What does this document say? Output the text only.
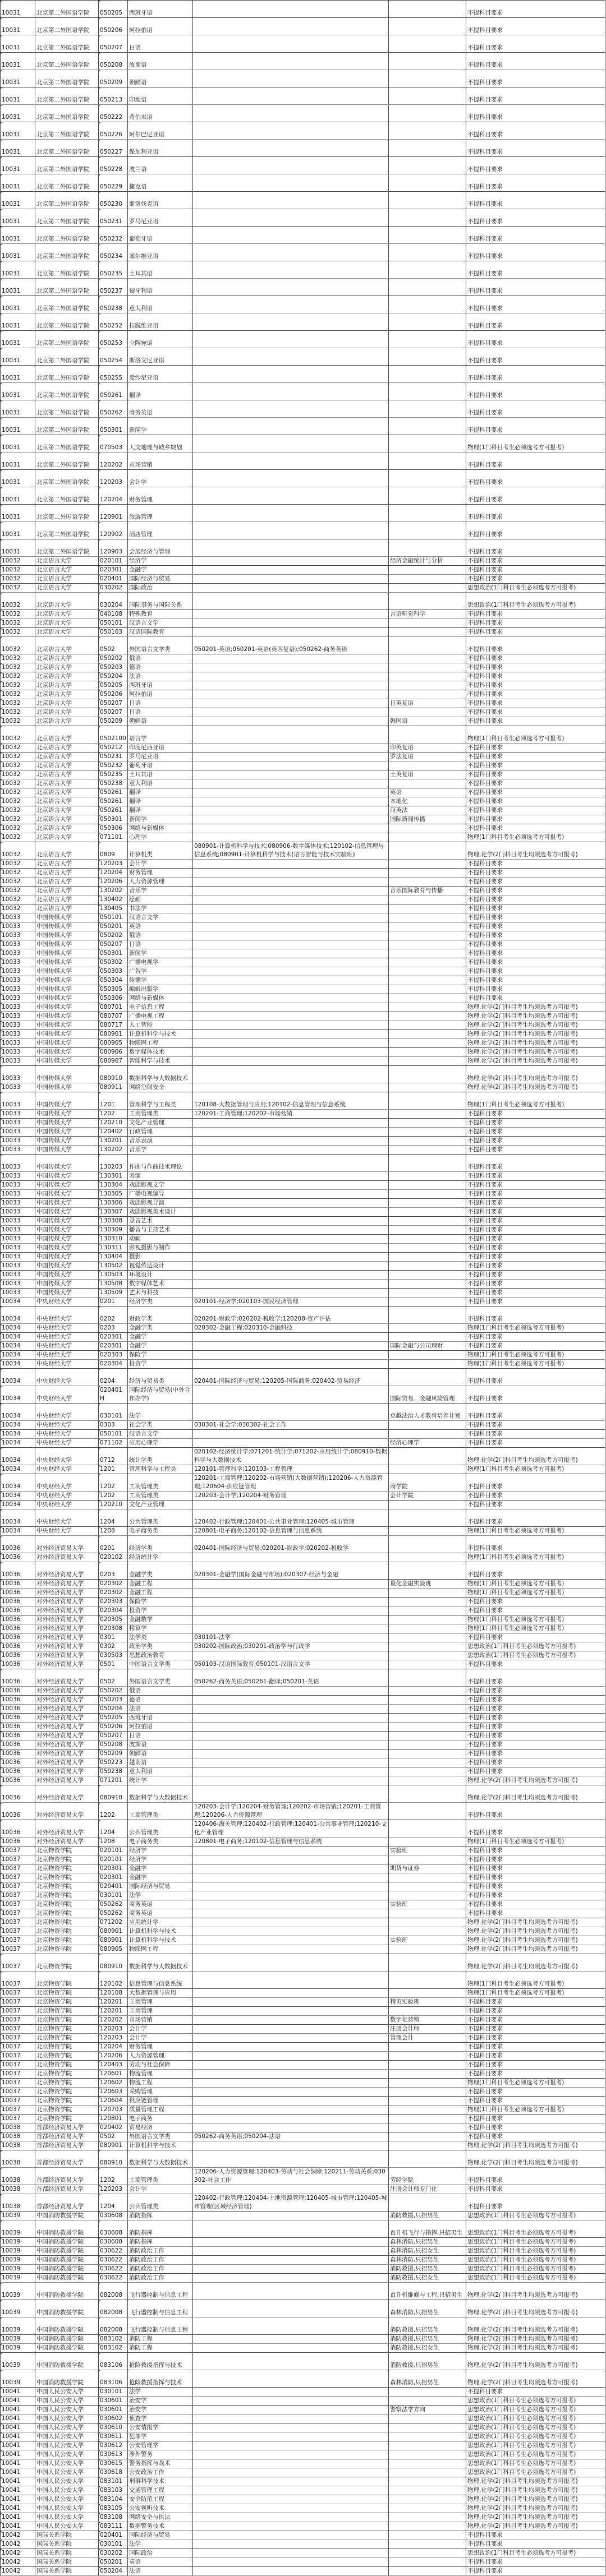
10031	北京第二外国语学院	050205	西班牙语			不提科目要求
10031	北京第二外国语学院	050206	阿拉伯语			不提科目要求
10031	北京第二外国语学院	050207	日语			不提科目要求
10031	北京第二外国语学院	050208	波斯语			不提科目要求
10031	北京第二外国语学院	050209	朝鲜语			不提科目要求
10031	北京第二外国语学院	050213	印地语			不提科目要求
10031	北京第二外国语学院	050222	希伯来语			不提科目要求
10031	北京第二外国语学院	050226	阿尔巴尼亚语			不提科目要求
10031	北京第二外国语学院	050227	保加利亚语			不提科目要求
10031	北京第二外国语学院	050228	波兰语			不提科目要求
10031	北京第二外国语学院	050229	捷克语			不提科目要求
10031	北京第二外国语学院	050230	斯洛伐克语			不提科目要求
10031	北京第二外国语学院	050231	罗马尼亚语			不提科目要求
10031	北京第二外国语学院	050232	葡萄牙语			不提科目要求
10031	北京第二外国语学院	050234	塞尔维亚语			不提科目要求
10031	北京第二外国语学院	050235	土耳其语			不提科目要求
10031	北京第二外国语学院	050237	匈牙利语			不提科目要求
10031	北京第二外国语学院	050238	意大利语			不提科目要求
10031	北京第二外国语学院	050252	拉脱维亚语			不提科目要求
10031	北京第二外国语学院	050253	立陶宛语			不提科目要求
10031	北京第二外国语学院	050254	斯洛文尼亚语			不提科目要求
10031	北京第二外国语学院	050255	爱沙尼亚语			不提科目要求
10031	北京第二外国语学院	050261	翻译			不提科目要求
10031	北京第二外国语学院	050262	商务英语			不提科目要求
10031	北京第二外国语学院	050301	新闻学			不提科目要求
10031	北京第二外国语学院	070503	人文地理与城乡规划			物理(1门科目考生必须选考方可报考)
10031	北京第二外国语学院	120202	市场营销			不提科目要求
10031	北京第二外国语学院	120203	会计学			不提科目要求
10031	北京第二外国语学院	120204	财务管理			不提科目要求
10031	北京第二外国语学院	120901	旅游管理			不提科目要求
10031	北京第二外国语学院	120902	酒店管理			不提科目要求
10031	北京第二外国语学院	120903	会展经济与管理			不提科目要求
10032	北京语言大学	020101	经济学		经济金融统计与分析	不提科目要求
10032	北京语言大学	020301	金融学			不提科目要求
10032	北京语言大学	020401	国际经济与贸易			不提科目要求
10032	北京语言大学	030202	国际政治			思想政治(1门科目考生必须选考方可报考)
10032	北京语言大学	030204	国际事务与国际关系			思想政治(1门科目考生必须选考方可报考)
10032	北京语言大学	040108	特殊教育		言语听觉科学	不提科目要求
10032	北京语言大学	050101	汉语言文学			不提科目要求
10032	北京语言大学	050103	汉语国际教育			不提科目要求
10032	北京语言大学	0502	外国语言文学类	050201-英语;050201-英语(英西复语);050262-商务英语		不提科目要求
10032	北京语言大学	050202	俄语			不提科目要求
10032	北京语言大学	050203	德语			不提科目要求
10032	北京语言大学	050204	法语			不提科目要求
10032	北京语言大学	050205	西班牙语			不提科目要求
10032	北京语言大学	050206	阿拉伯语			不提科目要求
10032	北京语言大学	050207	日语		日英复语	不提科目要求
10032	北京语言大学	050207	日语			不提科目要求
10032	北京语言大学	050209	朝鲜语		韩国语	不提科目要求
10032	北京语言大学	0502100	语言学			物理(1门科目考生必须选考方可报考)
10032	北京语言大学	050212	印度尼西亚语		印英复语	不提科目要求
10032	北京语言大学	050231	罗马尼亚语		罗法复语	不提科目要求
10032	北京语言大学	050232	葡萄牙语			不提科目要求
10032	北京语言大学	050235	土耳其语		土英复语	不提科目要求
10032	北京语言大学	050238	意大利语			不提科目要求
10032	北京语言大学	050261	翻译		英语	不提科目要求
10032	北京语言大学	050261	翻译		本地化	不提科目要求
10032	北京语言大学	050261	翻译		汉英法	不提科目要求
10032	北京语言大学	050301	新闻学		国际新闻传播	不提科目要求
10032	北京语言大学	050306	网络与新媒体			不提科目要求
10032	北京语言大学	071101	心理学			物理(1门科目考生必须选考方可报考)
10032	北京语言大学	0809	计算机类	080901-计算机科学与技术;080906-数字媒体技术;120102-信息管理与信息系统;080901-计算机科学与技术(语言智能与技术实验班)		物理,化学(2门科目考生均须选考方可报考)
10032	北京语言大学	120203	会计学			不提科目要求
10032	北京语言大学	120204	财务管理			不提科目要求
10032	北京语言大学	120206	人力资源管理			不提科目要求
10032	北京语言大学	130202	音乐学		音乐国际教育与传播	不提科目要求
10032	北京语言大学	130402	绘画			不提科目要求
10032	北京语言大学	130405	书法学			不提科目要求
10033	中国传媒大学	050101	汉语言文学			不提科目要求
10033	中国传媒大学	050201	英语			不提科目要求
10033	中国传媒大学	050202	俄语			不提科目要求
10033	中国传媒大学	050207	日语			不提科目要求
10033	中国传媒大学	050301	新闻学			不提科目要求
10033	中国传媒大学	050302	广播电视学			不提科目要求
10033	中国传媒大学	050303	广告学			不提科目要求
10033	中国传媒大学	050304	传播学			不提科目要求
10033	中国传媒大学	050305	编辑出版学			不提科目要求
10033	中国传媒大学	050306	网络与新媒体			不提科目要求
10033	中国传媒大学	080701	电子信息工程			物理,化学(2门科目考生均须选考方可报考)
10033	中国传媒大学	080707	广播电视工程			物理,化学(2门科目考生均须选考方可报考)
10033	中国传媒大学	080717	人工智能			物理,化学(2门科目考生均须选考方可报考)
10033	中国传媒大学	080901	计算机科学与技术			物理,化学(2门科目考生均须选考方可报考)
10033	中国传媒大学	080905	物联网工程			物理,化学(2门科目考生均须选考方可报考)
10033	中国传媒大学	080906	数字媒体技术			物理,化学(2门科目考生均须选考方可报考)
10033	中国传媒大学	080907	智能科学与技术			物理,化学(2门科目考生均须选考方可报考)
10033	中国传媒大学	080910	数据科学与大数据技术			物理,化学(2门科目考生均须选考方可报考)
10033	中国传媒大学	080911	网络空间安全			物理,化学(2门科目考生均须选考方可报考)
10033	中国传媒大学	1201	管理科学与工程类	120108-大数据管理与应用;120102-信息管理与信息系统		物理(1门科目考生必须选考方可报考)
10033	中国传媒大学	1202	工商管理类	120201-工商管理;120202-市场营销		不提科目要求
10033	中国传媒大学	120210	文化产业管理			不提科目要求
10033	中国传媒大学	120402	行政管理			不提科目要求
10033	中国传媒大学	130201	音乐表演			不提科目要求
10033	中国传媒大学	130202	音乐学			不提科目要求
10033	中国传媒大学	130203	作曲与作曲技术理论			不提科目要求
10033	中国传媒大学	130301	表演			不提科目要求
10033	中国传媒大学	130304	戏剧影视文学			不提科目要求
10033	中国传媒大学	130305	广播电视编导			不提科目要求
10033	中国传媒大学	130306	戏剧影视导演			不提科目要求
10033	中国传媒大学	130307	戏剧影视美术设计			不提科目要求
10033	中国传媒大学	130308	录音艺术			不提科目要求
10033	中国传媒大学	130309	播音与主持艺术			不提科目要求
10033	中国传媒大学	130310	动画			不提科目要求
10033	中国传媒大学	130311	影视摄影与制作			不提科目要求
10033	中国传媒大学	130404	摄影			不提科目要求
10033	中国传媒大学	130502	视觉传达设计			不提科目要求
10033	中国传媒大学	130503	环境设计			不提科目要求
10033	中国传媒大学	130508	数字媒体艺术			不提科目要求
10033	中国传媒大学	130509	艺术与科技			不提科目要求
10034	中央财经大学	0201	经济学类	020101-经济学;020103-国民经济管理		不提科目要求
10034	中央财经大学	0202	财政学类	020201-财政学;020202-税收学;120208-资产评估		不提科目要求
10034	中央财经大学	0203	金融学类	020302-金融工程;020310-金融科技		物理(1门科目考生必须选考方可报考)
10034	中央财经大学	020301	金融学			不提科目要求
10034	中央财经大学	020301	金融学		国际金融与公司理财	不提科目要求
10034	中央财经大学	020303	保险学			物理(1门科目考生必须选考方可报考)
10034	中央财经大学	020304	投资学			物理(1门科目考生必须选考方可报考)
10034	中央财经大学	0204	经济与贸易类	020401-国际经济与贸易;120205-国际商务;020402-贸易经济		不提科目要求
10034	中央财经大学	020401H	国际经济与贸易(中外合作办学)		国际贸易、金融风险管理	不提科目要求
10034	中央财经大学	030101	法学		卓越法治人才教育培养计划	不提科目要求
10034	中央财经大学	0303	社会学类	030301-社会学;030302-社会工作		不提科目要求
10034	中央财经大学	050101	汉语言文学			不提科目要求
10034	中央财经大学	071102	应用心理学		经济心理学	不提科目要求
10034	中央财经大学	0712	统计学类	020102-经济统计学;071201-统计学;071202-应用统计学;080910-数据科学与大数据技术		物理,化学(2门科目考生均须选考方可报考)
10034	中央财经大学	1201	管理科学与工程类	120101-管理科学;120103-工程管理		物理(1门科目考生必须选考方可报考)
10034	中央财经大学	1202	工商管理类	120201-工商管理;120202-市场营销(大数据营销);120206-人力资源管理;120604-供应链管理	商学院	不提科目要求
10034	中央财经大学	1202	工商管理类	120203-会计学;120204-财务管理	会计学院	不提科目要求
10034	中央财经大学	120210	文化产业管理			不提科目要求
10034	中央财经大学	1204	公共管理类	120402-行政管理;120401-公共事业管理;120405-城市管理		不提科目要求
10034	中央财经大学	1208	电子商务类	120801-电子商务;120102-信息管理与信息系统		物理(1门科目考生必须选考方可报考)
10036	对外经济贸易大学	0201	经济学类	020401-国际经济与贸易;020201-财政学;020202-税收学		不提科目要求
10036	对外经济贸易大学	020102	经济统计学			物理(1门科目考生必须选考方可报考)
10036	对外经济贸易大学	0203	金融学类	020301-金融学(国际金融与市场);020307-经济与金融		不提科目要求
10036	对外经济贸易大学	020302	金融工程		量化金融实验班	物理(1门科目考生必须选考方可报考)
10036	对外经济贸易大学	020302	金融工程			物理(1门科目考生必须选考方可报考)
10036	对外经济贸易大学	020303	保险学			不提科目要求
10036	对外经济贸易大学	020304	投资学			不提科目要求
10036	对外经济贸易大学	020305	金融数学			物理(1门科目考生必须选考方可报考)
10036	对外经济贸易大学	020308	精算学			物理(1门科目考生必须选考方可报考)
10036	对外经济贸易大学	0301	法学类	030101-法学		不提科目要求
10036	对外经济贸易大学	0302	政治学类	030202-国际政治;030201-政治学与行政学		思想政治(1门科目考生必须选考方可报考)
10036	对外经济贸易大学	030503	思想政治教育			思想政治(1门科目考生必须选考方可报考)
10036	对外经济贸易大学	0501	中国语言文学类	050103-汉语国际教育;050101-汉语言文学		不提科目要求
10036	对外经济贸易大学	0502	外国语言文学类	050262-商务英语;050261-翻译;050201-英语		不提科目要求
10036	对外经济贸易大学	050202	俄语			不提科目要求
10036	对外经济贸易大学	050203	德语			不提科目要求
10036	对外经济贸易大学	050204	法语			不提科目要求
10036	对外经济贸易大学	050205	西班牙语			不提科目要求
10036	对外经济贸易大学	050206	阿拉伯语			不提科目要求
10036	对外经济贸易大学	050207	日语			不提科目要求
10036	对外经济贸易大学	050208	波斯语			不提科目要求
10036	对外经济贸易大学	050209	朝鲜语			不提科目要求
10036	对外经济贸易大学	050223	越南语			不提科目要求
10036	对外经济贸易大学	050238	意大利语			不提科目要求
10036	对外经济贸易大学	071201	统计学			物理,化学(2门科目考生均须选考方可报考)
10036	对外经济贸易大学	080910	数据科学与大数据技术			物理,化学(2门科目考生均须选考方可报考)
10036	对外经济贸易大学	1202	工商管理类	120203-会计学;120204-财务管理;120202-市场营销;120201-工商管理;120206-人力资源管理		不提科目要求
10036	对外经济贸易大学	1204	公共管理类	120406-海关管理;120402-行政管理;120401-公共事业管理;120210-文化产业管理		不提科目要求
10036	对外经济贸易大学	1208	电子商务类	120801-电子商务;120102-信息管理与信息系统		物理(1门科目考生必须选考方可报考)
10037	北京物资学院	020101	经济学		实验班	不提科目要求
10037	北京物资学院	020101	经济学			不提科目要求
10037	北京物资学院	020301	金融学		期货与证券	不提科目要求
10037	北京物资学院	020301	金融学			不提科目要求
10037	北京物资学院	020401	国际经济与贸易			不提科目要求
10037	北京物资学院	030101	法学			不提科目要求
10037	北京物资学院	050262	商务英语		实验班	不提科目要求
10037	北京物资学院	050262	商务英语			不提科目要求
10037	北京物资学院	071202	应用统计学			物理,化学(2门科目考生均须选考方可报考)
10037	北京物资学院	080901	计算机科学与技术			物理,化学(2门科目考生均须选考方可报考)
10037	北京物资学院	080901	计算机科学与技术		实验班	物理,化学(2门科目考生均须选考方可报考)
10037	北京物资学院	080905	物联网工程			物理,化学(2门科目考生均须选考方可报考)
10037	北京物资学院	080910	数据科学与大数据技术			物理,化学(2门科目考生均须选考方可报考)
10037	北京物资学院	120102	信息管理与信息系统			物理(1门科目考生必须选考方可报考)
10037	北京物资学院	120108	大数据管理与应用			物理(1门科目考生必须选考方可报考)
10037	北京物资学院	120201	工商管理		精英实验班	不提科目要求
10037	北京物资学院	120201	工商管理			不提科目要求
10037	北京物资学院	120202	市场营销		数字化营销	不提科目要求
10037	北京物资学院	120203	会计学		注册会计师	不提科目要求
10037	北京物资学院	120203	会计学		管理会计	不提科目要求
10037	北京物资学院	120204	财务管理			不提科目要求
10037	北京物资学院	120206	人力资源管理			不提科目要求
10037	北京物资学院	120403	劳动与社会保障			不提科目要求
10037	北京物资学院	120601	物流管理			不提科目要求
10037	北京物资学院	120602	物流工程			物理(1门科目考生必须选考方可报考)
10037	北京物资学院	120603	采购管理			不提科目要求
10037	北京物资学院	120604	供应链管理			不提科目要求
10037	北京物资学院	120703	质量管理工程			物理(1门科目考生必须选考方可报考)
10037	北京物资学院	120801	电子商务			不提科目要求
10038	首都经济贸易大学	020402	贸易经济			不提科目要求
10038	首都经济贸易大学	0502	外国语言文学类	050262-商务英语;050204-法语		不提科目要求
10038	首都经济贸易大学	080901	计算机科学与技术			物理,化学(2门科目考生均须选考方可报考)
10038	首都经济贸易大学	080910	数据科学与大数据技术			物理,化学(2门科目考生均须选考方可报考)
10038	首都经济贸易大学	1202	工商管理类	120206-人力资源管理;120403-劳动与社会保障;120211-劳动关系;030302-社会工作	劳经学院	不提科目要求
10038	首都经济贸易大学	120203	会计学		注册会计师专门化	不提科目要求
10038	首都经济贸易大学	1204	公共管理类	120402-行政管理;120404-土地资源管理;120405-城市管理;120405-城市管理(区域经济管理)		不提科目要求
10039	中国消防救援学院	030608	消防指挥		消防救援,只招男生	思想政治(1门科目考生必须选考方可报考)
10039	中国消防救援学院	030608	消防指挥		直升机飞行与指挥,只招男生	思想政治(1门科目考生必须选考方可报考)
10039	中国消防救援学院	030608	消防指挥		森林消防,只招男生	思想政治(1门科目考生必须选考方可报考)
10039	中国消防救援学院	030622	消防政治工作		森林消防,只招女生	思想政治(1门科目考生必须选考方可报考)
10039	中国消防救援学院	030622	消防政治工作		森林消防,只招男生	思想政治(1门科目考生必须选考方可报考)
10039	中国消防救援学院	030622	消防政治工作		消防救援,只招男生	思想政治(1门科目考生必须选考方可报考)
10039	中国消防救援学院	030622	消防政治工作		消防救援,只招女生	思想政治(1门科目考生必须选考方可报考)
10039	中国消防救援学院	082008	飞行器控制与信息工程		直升机维修与工程,只招男生	物理,化学(2门科目考生均须选考方可报考)
10039	中国消防救援学院	082008	飞行器控制与信息工程		森林消防,只招男生	物理,化学(2门科目考生均须选考方可报考)
10039	中国消防救援学院	082008	飞行器控制与信息工程		消防救援,只招男生	物理,化学(2门科目考生均须选考方可报考)
10039	中国消防救援学院	083102	消防工程		消防救援,只招男生	物理,化学(2门科目考生均须选考方可报考)
10039	中国消防救援学院	083102	消防工程		消防救援,只招女生	物理,化学(2门科目考生均须选考方可报考)
10039	中国消防救援学院	083106	抢险救援指挥与技术		消防救援,只招男生	物理,化学(2门科目考生均须选考方可报考)
10039	中国消防救援学院	083106	抢险救援指挥与技术		森林消防,只招男生	物理,化学(2门科目考生均须选考方可报考)
10041	中国人民公安大学	030101	法学			不提科目要求
10041	中国人民公安大学	030601	治安学			思想政治(1门科目考生必须选考方可报考)
10041	中国人民公安大学	030601	治安学		警察法学方向	思想政治(1门科目考生必须选考方可报考)
10041	中国人民公安大学	030602	侦查学			思想政治(1门科目考生必须选考方可报考)
10041	中国人民公安大学	030610	公安情报学			思想政治(1门科目考生必须选考方可报考)
10041	中国人民公安大学	030611	犯罪学			思想政治(1门科目考生必须选考方可报考)
10041	中国人民公安大学	030612	公安管理学			思想政治(1门科目考生必须选考方可报考)
10041	中国人民公安大学	030613	涉外警务			思想政治(1门科目考生必须选考方可报考)
10041	中国人民公安大学	030615	警务指挥与战术			思想政治(1门科目考生必须选考方可报考)
10041	中国人民公安大学	030618	公安政治工作			思想政治(1门科目考生必须选考方可报考)
10041	中国人民公安大学	083101	刑事科学技术			物理,化学(2门科目考生均须选考方可报考)
10041	中国人民公安大学	083103	交通管理工程			物理,化学(2门科目考生均须选考方可报考)
10041	中国人民公安大学	083104	安全防范工程			物理,化学(2门科目考生均须选考方可报考)
10041	中国人民公安大学	083105	公安视听技术			物理,化学(2门科目考生均须选考方可报考)
10041	中国人民公安大学	083108	网络安全与执法			物理,化学(2门科目考生均须选考方可报考)
10041	中国人民公安大学	083111	数据警务技术			物理,化学(2门科目考生均须选考方可报考)
10042	国际关系学院	020401	国际经济与贸易			不提科目要求
10042	国际关系学院	030101	法学			不提科目要求
10042	国际关系学院	030202	国际政治			思想政治(1门科目考生必须选考方可报考)
10042	国际关系学院	050201	英语			不提科目要求
10042	国际关系学院	050204	法语			不提科目要求
